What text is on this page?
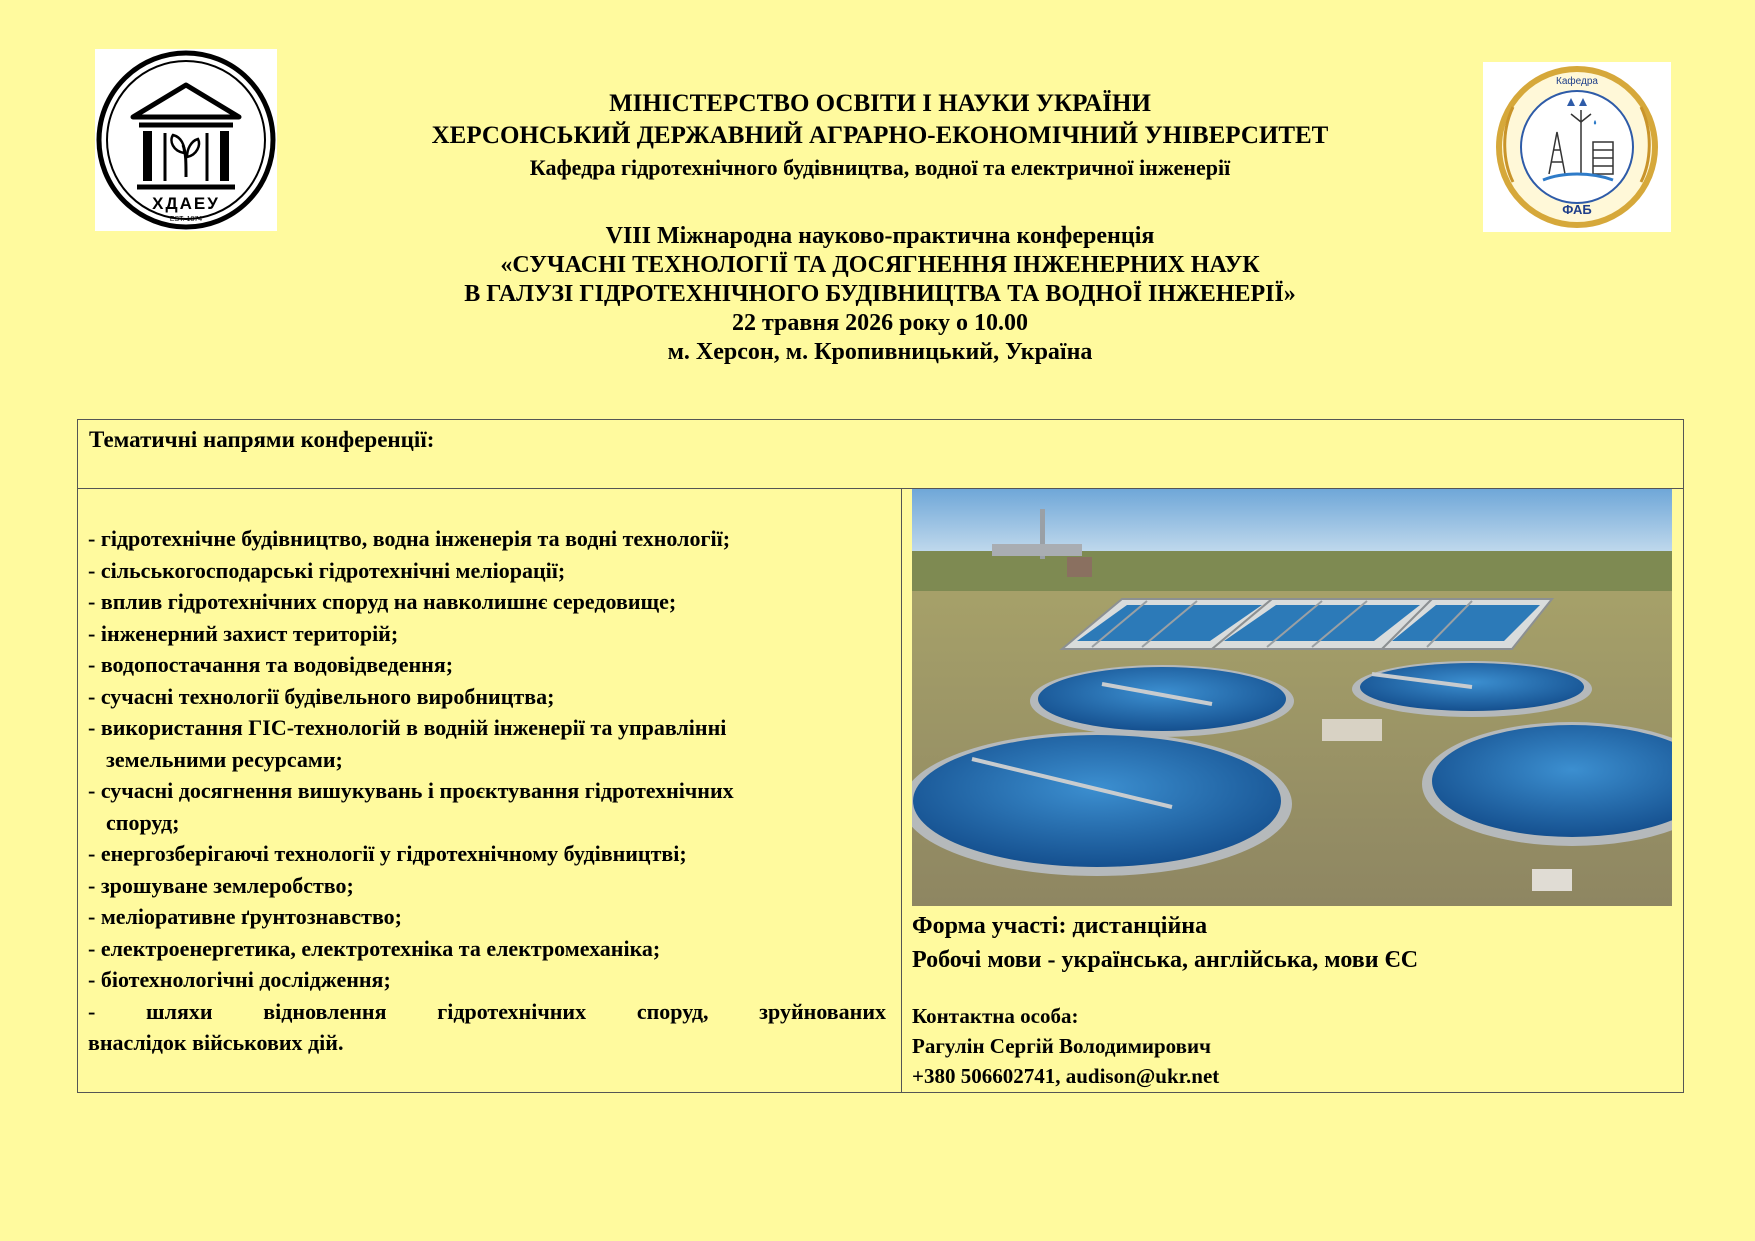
ХДАЕУ
EST. 1874
Кафедра
ФАБ
МІНІСТЕРСТВО ОСВІТИ І НАУКИ УКРАЇНИ
ХЕРСОНСЬКИЙ ДЕРЖАВНИЙ АГРАРНО-ЕКОНОМІЧНИЙ УНІВЕРСИТЕТ
Кафедра гідротехнічного будівництва, водної та електричної інженерії
VIII Міжнародна науково-практична конференція
«СУЧАСНІ ТЕХНОЛОГІЇ ТА ДОСЯГНЕННЯ ІНЖЕНЕРНИХ НАУК
В ГАЛУЗІ ГІДРОТЕХНІЧНОГО БУДІВНИЦТВА ТА ВОДНОЇ ІНЖЕНЕРІЇ»
22 травня 2026 року о 10.00
м. Херсон, м. Кропивницький, Україна
Тематичні напрями конференції:
- гідротехнічне будівництво, водна інженерія та водні технології;
- сільськогосподарські гідротехнічні меліорації;
- вплив гідротехнічних споруд на навколишнє середовище;
- інженерний захист територій;
- водопостачання та водовідведення;
- сучасні технології будівельного виробництва;
- використання ГІС-технологій в водній інженерії та управлінні
земельними ресурсами;
- сучасні досягнення вишукувань і проєктування гідротехнічних
споруд;
- енергозберігаючі технології у гідротехнічному будівництві;
- зрошуване землеробство;
- меліоративне ґрунтознавство;
- електроенергетика, електротехніка та електромеханіка;
- біотехнологічні дослідження;
- шляхи відновлення гідротехнічних споруд, зруйнованих
внаслідок військових дій.
Форма участі: дистанційна
Робочі мови - українська, англійська, мови ЄС
Контактна особа:
Рагулін Сергій Володимирович
+380 506602741, audison@ukr.net
